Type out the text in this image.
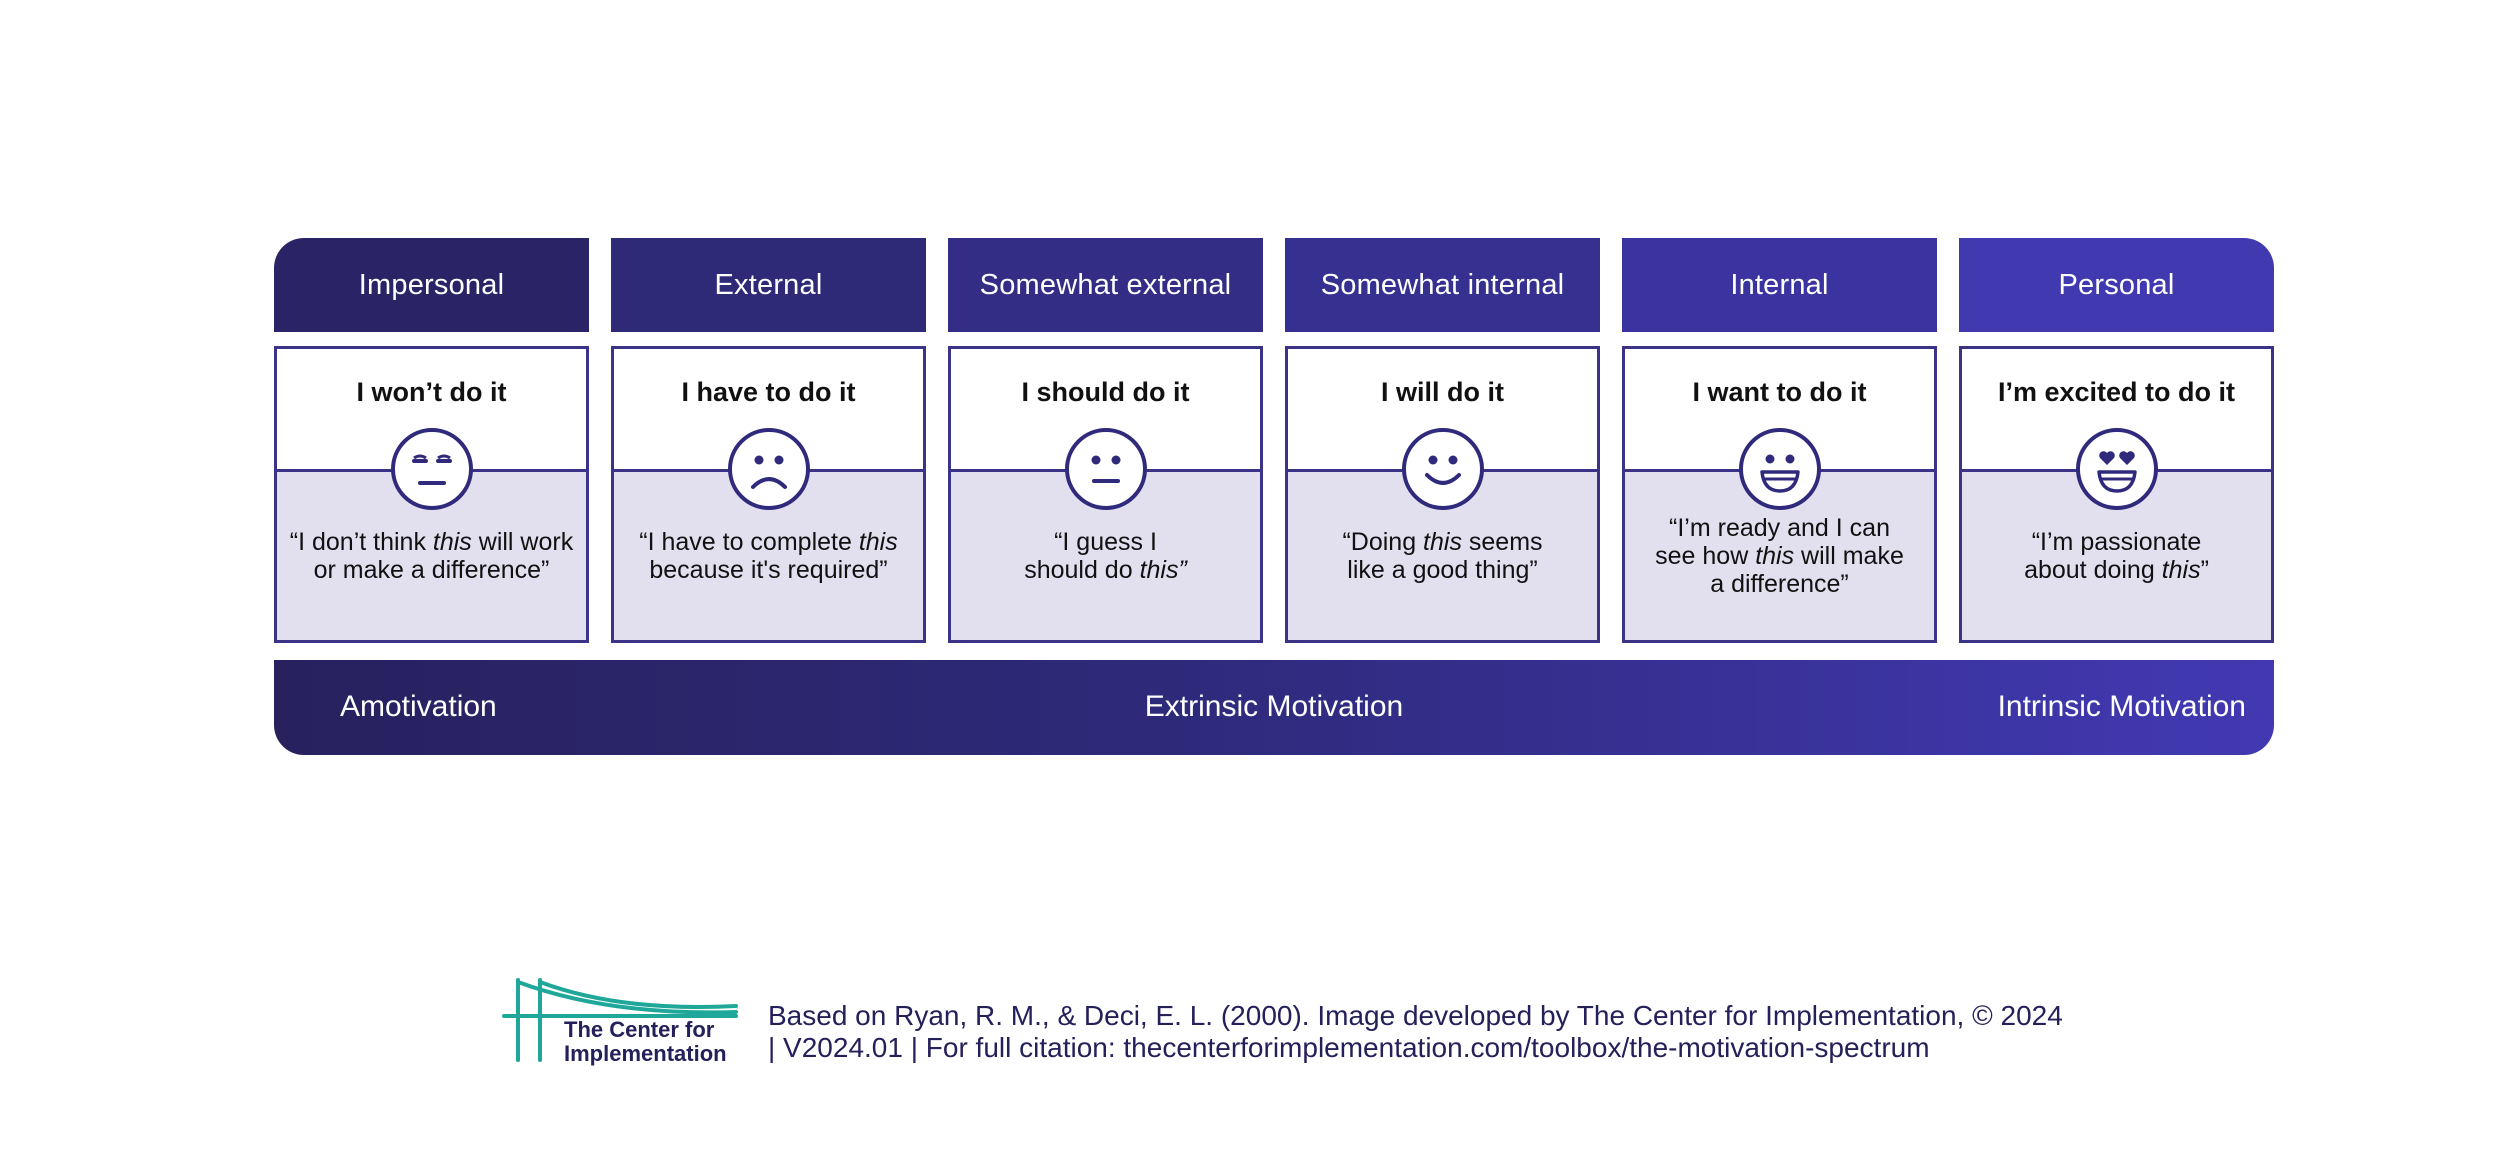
Personal
I’m excited to do it
“I’m passionate
about doing this”
Internal
I want to do it
“I’m ready and I can
see how this will make
a difference”
Somewhat internal
I will do it
“Doing this seems
like a good thing”
Somewhat external
I should do it
“I guess I
should do this”
External
I have to do it
“I have to complete this
because it's required”
Impersonal
I won’t do it
“I don’t think this will work
or make a difference”
Amotivation	Extrinsic Motivation	Intrinsic Motivation
The Center for
Implementation
Based on Ryan, R. M., & Deci, E. L. (2000). Image developed by The Center for Implementation, © 2024
| V2024.01 | For full citation: thecenterforimplementation.com/toolbox/the-motivation-spectrum
